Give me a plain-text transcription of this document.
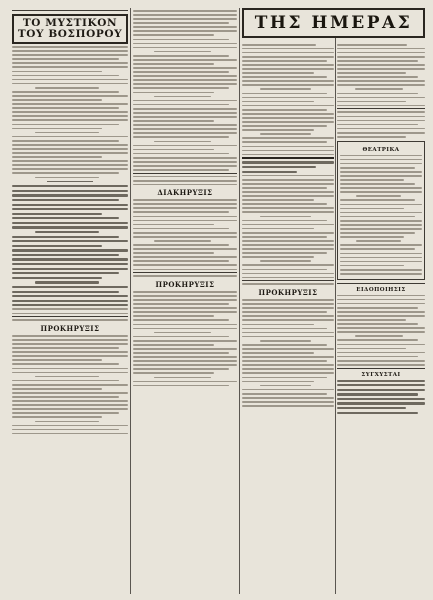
ΤΗΣ ΗΜΕΡΑΣ
ΤΟ ΜΥΣΤΙΚΟΝ
ΤΟΥ ΒΟΣΠΟΡΟΥ
ΠΡΟΚΗΡΥΞΙΣ
ΔΙΑΚΗΡΥΞΙΣ
ΠΡΟΚΗΡΥΞΙΣ
ΠΡΟΚΗΡΥΞΙΣ
ΘΕΑΤΡΙΚΑ
ΕΙΔΟΠΟΙΗΣΙΣ
ΣΥΓΧΥΣΤΑΙ
